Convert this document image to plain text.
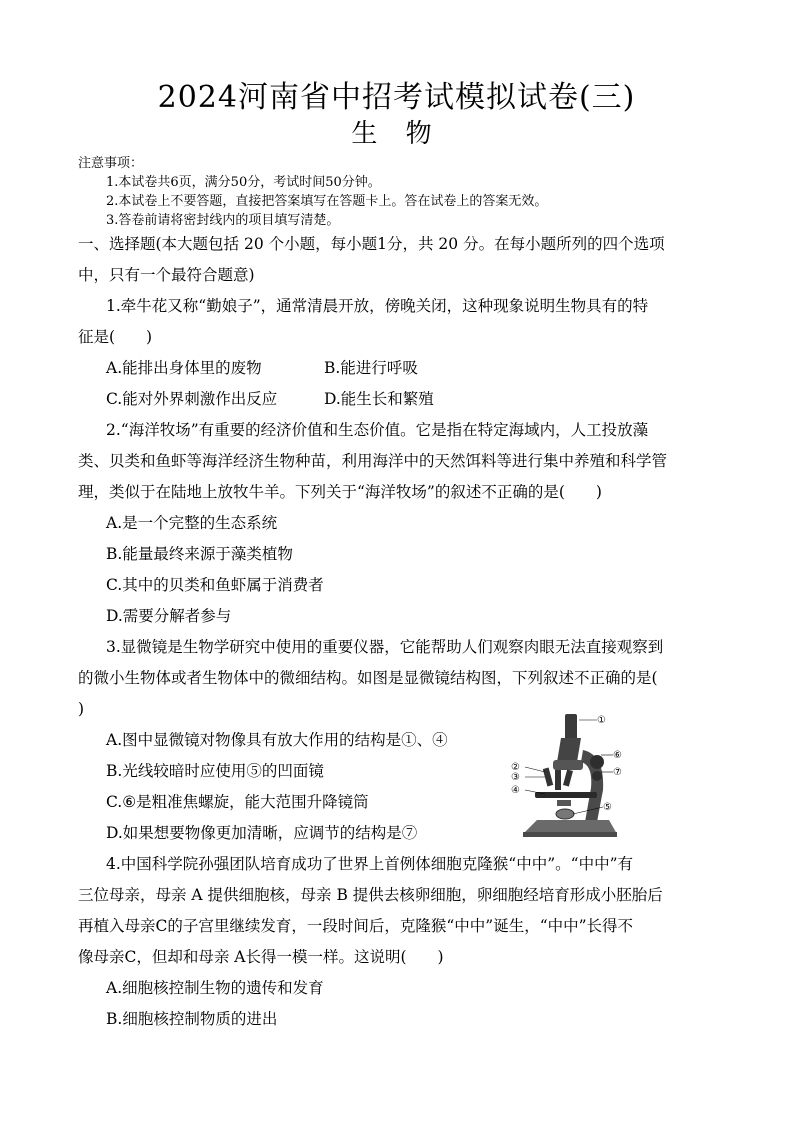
2024河南省中招考试模拟试卷(三)
生 物
注意事项：
1.本试卷共6页，满分50分，考试时间50分钟。
2.本试卷上不要答题，直接把答案填写在答题卡上。答在试卷上的答案无效。
3.答卷前请将密封线内的项目填写清楚。
一、选择题(本大题包括 20 个小题，每小题1分，共 20 分。在每小题所列的四个选项
中，只有一个最符合题意)
1.牵牛花又称“勤娘子”，通常清晨开放，傍晚关闭，这种现象说明生物具有的特
征是(　　)
A.能排出身体里的废物	B.能进行呼吸
C.能对外界刺激作出反应	D.能生长和繁殖
2.“海洋牧场”有重要的经济价值和生态价值。它是指在特定海域内，人工投放藻
类、贝类和鱼虾等海洋经济生物种苗，利用海洋中的天然饵料等进行集中养殖和科学管
理，类似于在陆地上放牧牛羊。下列关于“海洋牧场”的叙述不正确的是(　　)
A.是一个完整的生态系统
B.能量最终来源于藻类植物
C.其中的贝类和鱼虾属于消费者
D.需要分解者参与
3.显微镜是生物学研究中使用的重要仪器，它能帮助人们观察肉眼无法直接观察到
的微小生物体或者生物体中的微细结构。如图是显微镜结构图，下列叙述不正确的是(
)
A.图中显微镜对物像具有放大作用的结构是①、④
B.光线较暗时应使用⑤的凹面镜
C.⑥是粗准焦螺旋，能大范围升降镜筒
D.如果想要物像更加清晰，应调节的结构是⑦
①
⑥
②	⑦
③
④
⑤
4.中国科学院孙强团队培育成功了世界上首例体细胞克隆猴“中中”。“中中”有
三位母亲，母亲 A 提供细胞核，母亲 B 提供去核卵细胞，卵细胞经培育形成小胚胎后
再植入母亲C的子宫里继续发育，一段时间后，克隆猴“中中”诞生，“中中”长得不
像母亲C，但却和母亲 A长得一模一样。这说明(　　)
A.细胞核控制生物的遗传和发育
B.细胞核控制物质的进出
